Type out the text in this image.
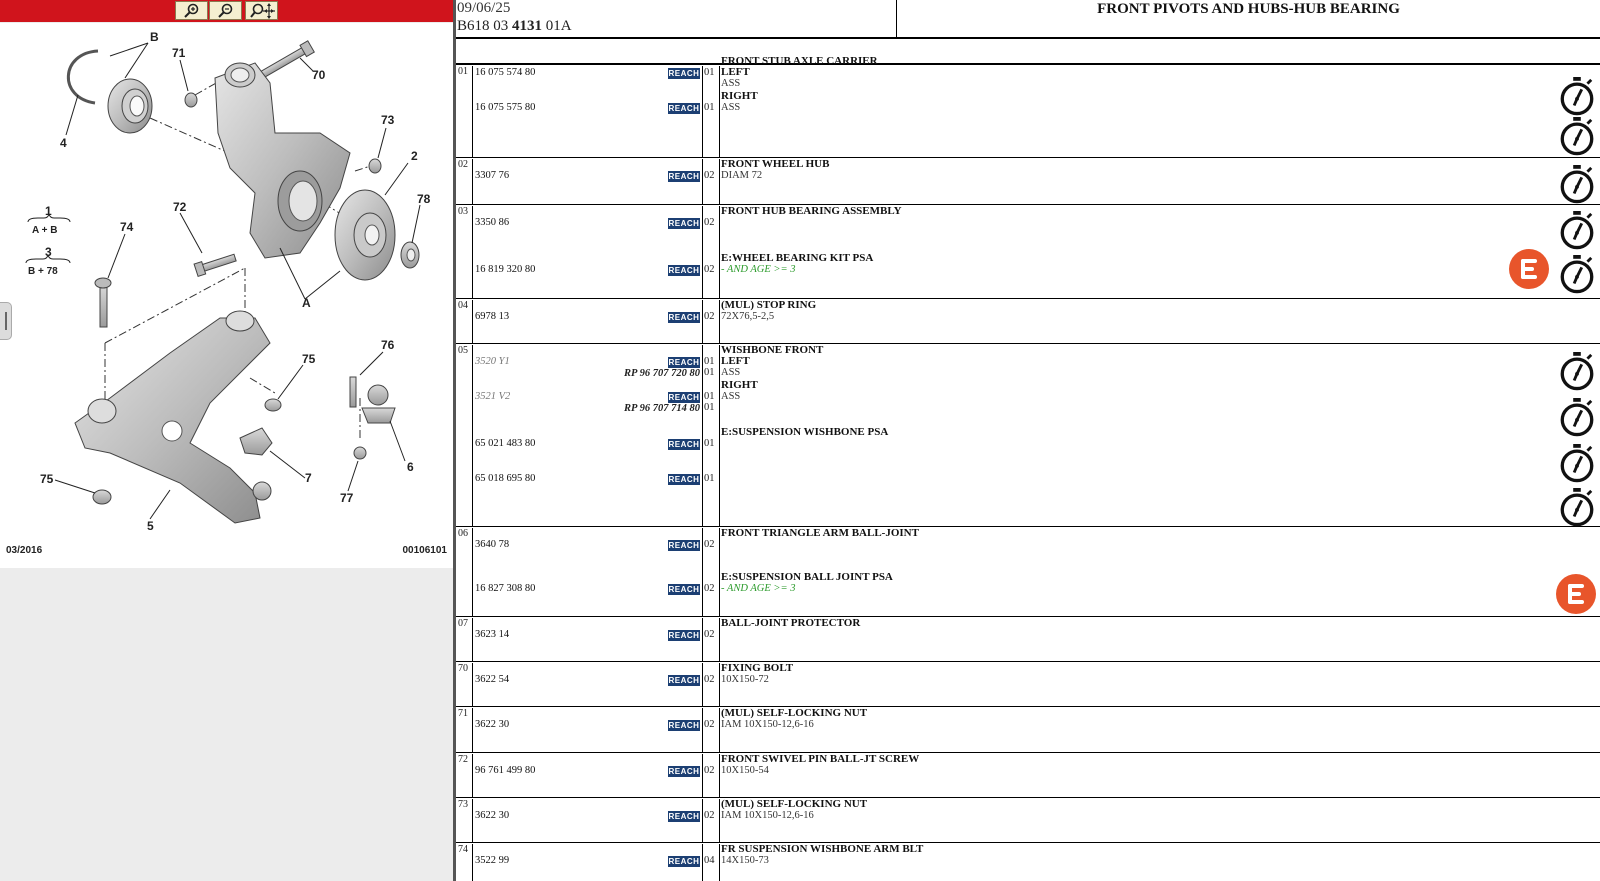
B
71
70
4
73
2
78
72
74
A
75
76
7
6
75
5
77
1
A + B
3
B + 78
03/2016	00106101
09/06/25
B618 03 4131 01A
FRONT PIVOTS AND HUBS-HUB BEARING
01 16 075 574 80	REACH 01
FRONT STUB AXLE CARRIER
LEFT
ASS
16 075 575 80	REACH 01
RIGHT
ASS
02
3307 76	REACH 02
FRONT WHEEL HUB
DIAM 72
03
3350 86	REACH 02
FRONT HUB BEARING ASSEMBLY
16 819 320 80	REACH 02
E:WHEEL BEARING KIT PSA
- AND AGE >= 3
04
6978 13	REACH 02
(MUL) STOP RING
72X76,5-2,5
05
3520 Y1	REACH 01
RP 96 707 720 80 01
WISHBONE FRONT
LEFT
ASS
3521 V2	REACH 01
RP 96 707 714 80 01
RIGHT
ASS
65 021 483 80	REACH 01
E:SUSPENSION WISHBONE PSA
65 018 695 80	REACH 01
06
3640 78	REACH 02
FRONT TRIANGLE ARM BALL-JOINT
16 827 308 80	REACH 02
E:SUSPENSION BALL JOINT PSA
- AND AGE >= 3
07
3623 14	REACH 02
BALL-JOINT PROTECTOR
70
3622 54	REACH 02
FIXING BOLT
10X150-72
71
3622 30	REACH 02
(MUL) SELF-LOCKING NUT
IAM 10X150-12,6-16
72
96 761 499 80	REACH 02
FRONT SWIVEL PIN BALL-JT SCREW
10X150-54
73
3622 30	REACH 02
(MUL) SELF-LOCKING NUT
IAM 10X150-12,6-16
74
3522 99	REACH 04
FR SUSPENSION WISHBONE ARM BLT
14X150-73
